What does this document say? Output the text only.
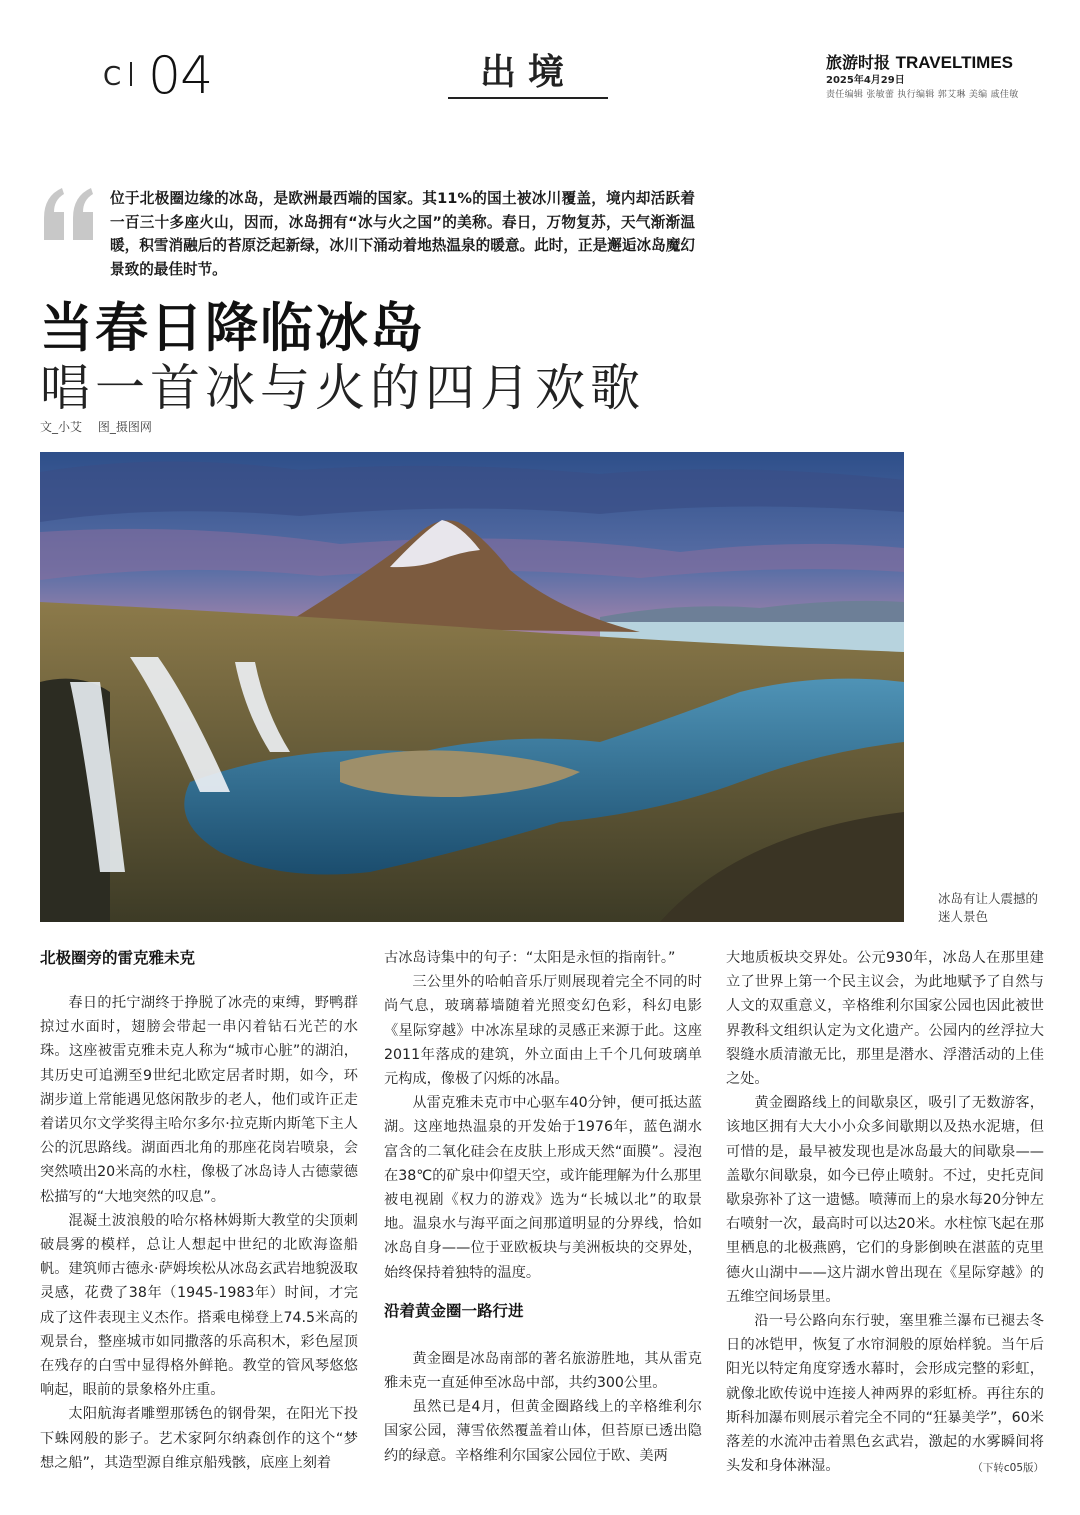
C 04	出境	旅游时报 TRAVELTIMES
2025年4月29日
责任编辑 张敏蕾 执行编辑 郭艾琳 美编 戚佳敏
位于北极圈边缘的冰岛，是欧洲最西端的国家。其11%的国土被冰川覆盖，境内却活跃着一百三十多座火山，因而，冰岛拥有“冰与火之国”的美称。春日，万物复苏，天气渐渐温暖，积雪消融后的苔原泛起新绿，冰川下涌动着地热温泉的暖意。此时，正是邂逅冰岛魔幻景致的最佳时节。
当春日降临冰岛
唱一首冰与火的四月欢歌
文_小艾 图_摄图网
冰岛有让人震撼的迷人景色
北极圈旁的雷克雅未克

春日的托宁湖终于挣脱了冰壳的束缚，野鸭群掠过水面时，翅膀会带起一串闪着钻石光芒的水珠。这座被雷克雅未克人称为“城市心脏”的湖泊，其历史可追溯至9世纪北欧定居者时期，如今，环湖步道上常能遇见悠闲散步的老人，他们或许正走着诺贝尔文学奖得主哈尔多尔·拉克斯内斯笔下主人公的沉思路线。湖面西北角的那座花岗岩喷泉，会突然喷出20米高的水柱，像极了冰岛诗人古德蒙德松描写的“大地突然的叹息”。

混凝土波浪般的哈尔格林姆斯大教堂的尖顶刺破晨雾的模样，总让人想起中世纪的北欧海盗船帆。建筑师古德永·萨姆埃松从冰岛玄武岩地貌汲取灵感，花费了38年（1945-1983年）时间，才完成了这件表现主义杰作。搭乘电梯登上74.5米高的观景台，整座城市如同撒落的乐高积木，彩色屋顶在残存的白雪中显得格外鲜艳。教堂的管风琴悠悠响起，眼前的景象格外庄重。

太阳航海者雕塑那锈色的钢骨架，在阳光下投下蛛网般的影子。艺术家阿尔纳森创作的这个“梦想之船”，其造型源自维京船残骸，底座上刻着

古冰岛诗集中的句子：“太阳是永恒的指南针。”

三公里外的哈帕音乐厅则展现着完全不同的时尚气息，玻璃幕墙随着光照变幻色彩，科幻电影《星际穿越》中冰冻星球的灵感正来源于此。这座2011年落成的建筑，外立面由上千个几何玻璃单元构成，像极了闪烁的冰晶。

从雷克雅未克市中心驱车40分钟，便可抵达蓝湖。这座地热温泉的开发始于1976年，蓝色湖水富含的二氧化硅会在皮肤上形成天然“面膜”。浸泡在38℃的矿泉中仰望天空，或许能理解为什么那里被电视剧《权力的游戏》选为“长城以北”的取景地。温泉水与海平面之间那道明显的分界线，恰如冰岛自身——位于亚欧板块与美洲板块的交界处，始终保持着独特的温度。

沿着黄金圈一路行进

黄金圈是冰岛南部的著名旅游胜地，其从雷克雅未克一直延伸至冰岛中部，共约300公里。

虽然已是4月，但黄金圈路线上的辛格维利尔国家公园，薄雪依然覆盖着山体，但苔原已透出隐约的绿意。辛格维利尔国家公园位于欧、美两

大地质板块交界处。公元930年，冰岛人在那里建立了世界上第一个民主议会，为此地赋予了自然与人文的双重意义，辛格维利尔国家公园也因此被世界教科文组织认定为文化遗产。公园内的丝浮拉大裂缝水质清澈无比，那里是潜水、浮潜活动的上佳之处。

黄金圈路线上的间歇泉区，吸引了无数游客，该地区拥有大大小小众多间歇期以及热水泥塘，但可惜的是，最早被发现也是冰岛最大的间歇泉——盖歇尔间歇泉，如今已停止喷射。不过，史托克间歇泉弥补了这一遗憾。喷薄而上的泉水每20分钟左右喷射一次，最高时可以达20米。水柱惊飞起在那里栖息的北极燕鸥，它们的身影倒映在湛蓝的克里德火山湖中——这片湖水曾出现在《星际穿越》的五维空间场景里。

沿一号公路向东行驶，塞里雅兰瀑布已褪去冬日的冰铠甲，恢复了水帘洞般的原始样貌。当午后阳光以特定角度穿透水幕时，会形成完整的彩虹，就像北欧传说中连接人神两界的彩虹桥。再往东的斯科加瀑布则展示着完全不同的“狂暴美学”，60米落差的水流冲击着黑色玄武岩，激起的水雾瞬间将头发和身体淋湿。	（下转c05版）
